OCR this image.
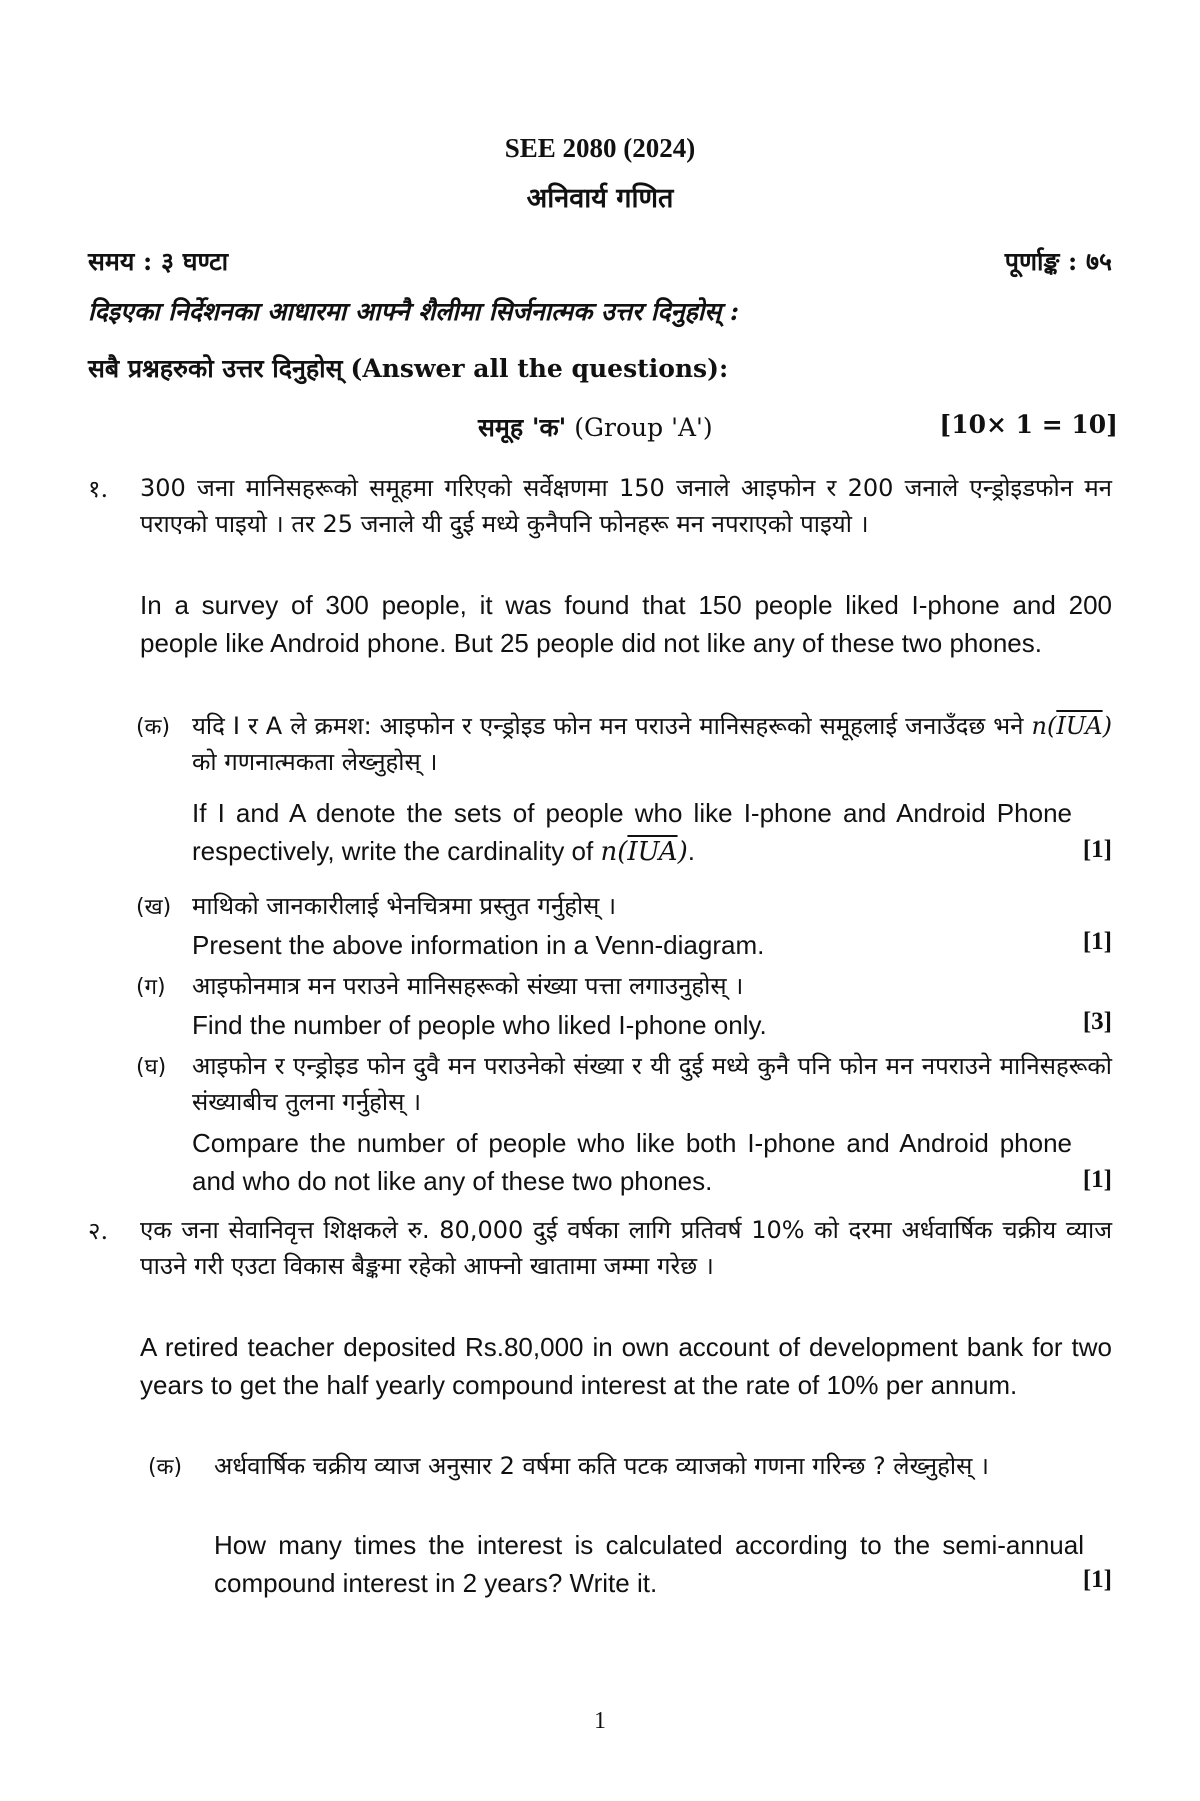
SEE 2080 (2024)
अनिवार्य गणित
समय : ३ घण्टा	पूर्णाङ्क : ७५
दिइएका निर्देशनका आधारमा आफ्नै शैलीमा सिर्जनात्मक उत्तर दिनुहोस् :
सबै प्रश्नहरुको उत्तर दिनुहोस् (Answer all the questions):
समूह 'क' (Group 'A')	[10× 1 = 10]
१. 300 जना मानिसहरूको समूहमा गरिएको सर्वेक्षणमा 150 जनाले आइफोन र 200 जनाले एन्ड्रोइडफोन मन पराएको पाइयो । तर 25 जनाले यी दुई मध्ये कुनैपनि फोनहरू मन नपराएको पाइयो ।
In a survey of 300 people, it was found that 150 people liked I-phone and 200 people like Android phone. But 25 people did not like any of these two phones.
(क) यदि I र A ले क्रमश: आइफोन र एन्ड्रोइड फोन मन पराउने मानिसहरूको समूहलाई जनाउँदछ भने $n(\overline{IUA})$ को गणनात्मकता लेख्नुहोस् ।
If I and A denote the sets of people who like I-phone and Android Phone respectively, write the cardinality of $n(\overline{IUA})$.	[1]
(ख) माथिको जानकारीलाई भेनचित्रमा प्रस्तुत गर्नुहोस् ।
Present the above information in a Venn-diagram.	[1]
(ग) आइफोनमात्र मन पराउने मानिसहरूको संख्या पत्ता लगाउनुहोस् ।
Find the number of people who liked I-phone only.	[3]
(घ) आइफोन र एन्ड्रोइड फोन दुवै मन पराउनेको संख्या र यी दुई मध्ये कुनै पनि फोन मन नपराउने मानिसहरूको संख्याबीच तुलना गर्नुहोस् ।
Compare the number of people who like both I-phone and Android phone and who do not like any of these two phones.	[1]
२. एक जना सेवानिवृत्त शिक्षकले रु. 80,000 दुई वर्षका लागि प्रतिवर्ष 10% को दरमा अर्धवार्षिक चक्रीय व्याज पाउने गरी एउटा विकास बैङ्कमा रहेको आफ्नो खातामा जम्मा गरेछ ।
A retired teacher deposited Rs.80,000 in own account of development bank for two years to get the half yearly compound interest at the rate of 10% per annum.
(क) अर्धवार्षिक चक्रीय व्याज अनुसार 2 वर्षमा कति पटक व्याजको गणना गरिन्छ ? लेख्नुहोस् ।
How many times the interest is calculated according to the semi-annual compound interest in 2 years? Write it.	[1]
1
